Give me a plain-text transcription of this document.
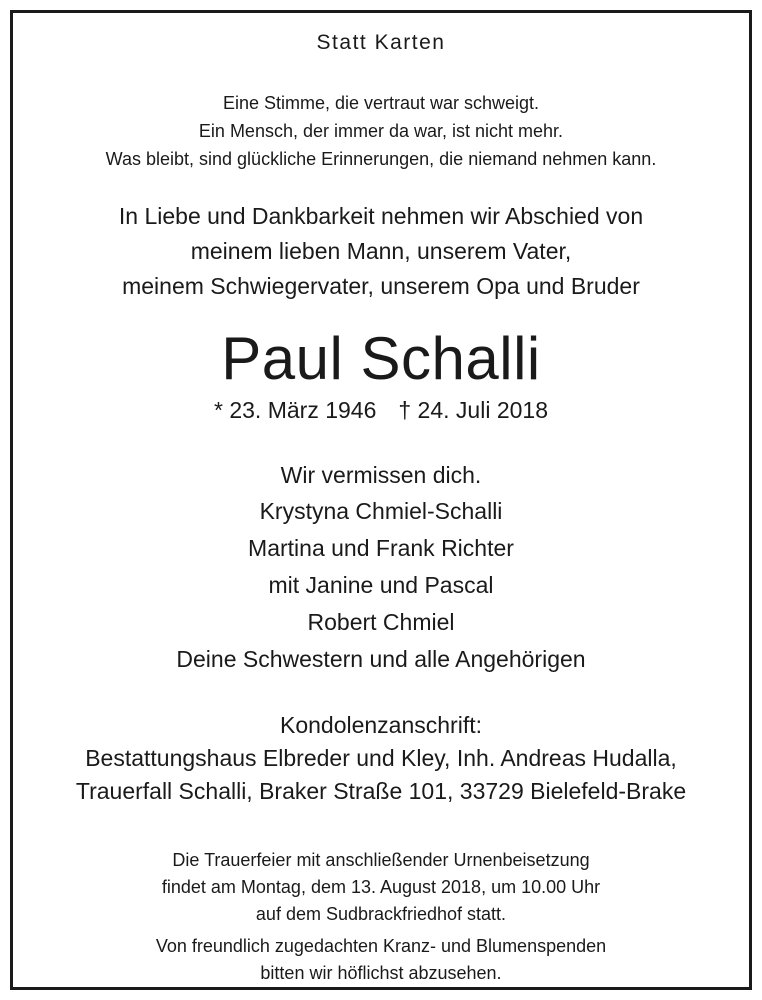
Statt Karten
Eine Stimme, die vertraut war schweigt.
Ein Mensch, der immer da war, ist nicht mehr.
Was bleibt, sind glückliche Erinnerungen, die niemand nehmen kann.
In Liebe und Dankbarkeit nehmen wir Abschied von
meinem lieben Mann, unserem Vater,
meinem Schwiegervater, unserem Opa und Bruder
Paul Schalli
* 23. März 1946 † 24. Juli 2018
Wir vermissen dich.
Krystyna Chmiel-Schalli
Martina und Frank Richter
mit Janine und Pascal
Robert Chmiel
Deine Schwestern und alle Angehörigen
Kondolenzanschrift:
Bestattungshaus Elbreder und Kley, Inh. Andreas Hudalla,
Trauerfall Schalli, Braker Straße 101, 33729 Bielefeld-Brake
Die Trauerfeier mit anschließender Urnenbeisetzung
findet am Montag, dem 13. August 2018, um 10.00 Uhr
auf dem Sudbrackfriedhof statt.
Von freundlich zugedachten Kranz- und Blumenspenden
bitten wir höflichst abzusehen.
